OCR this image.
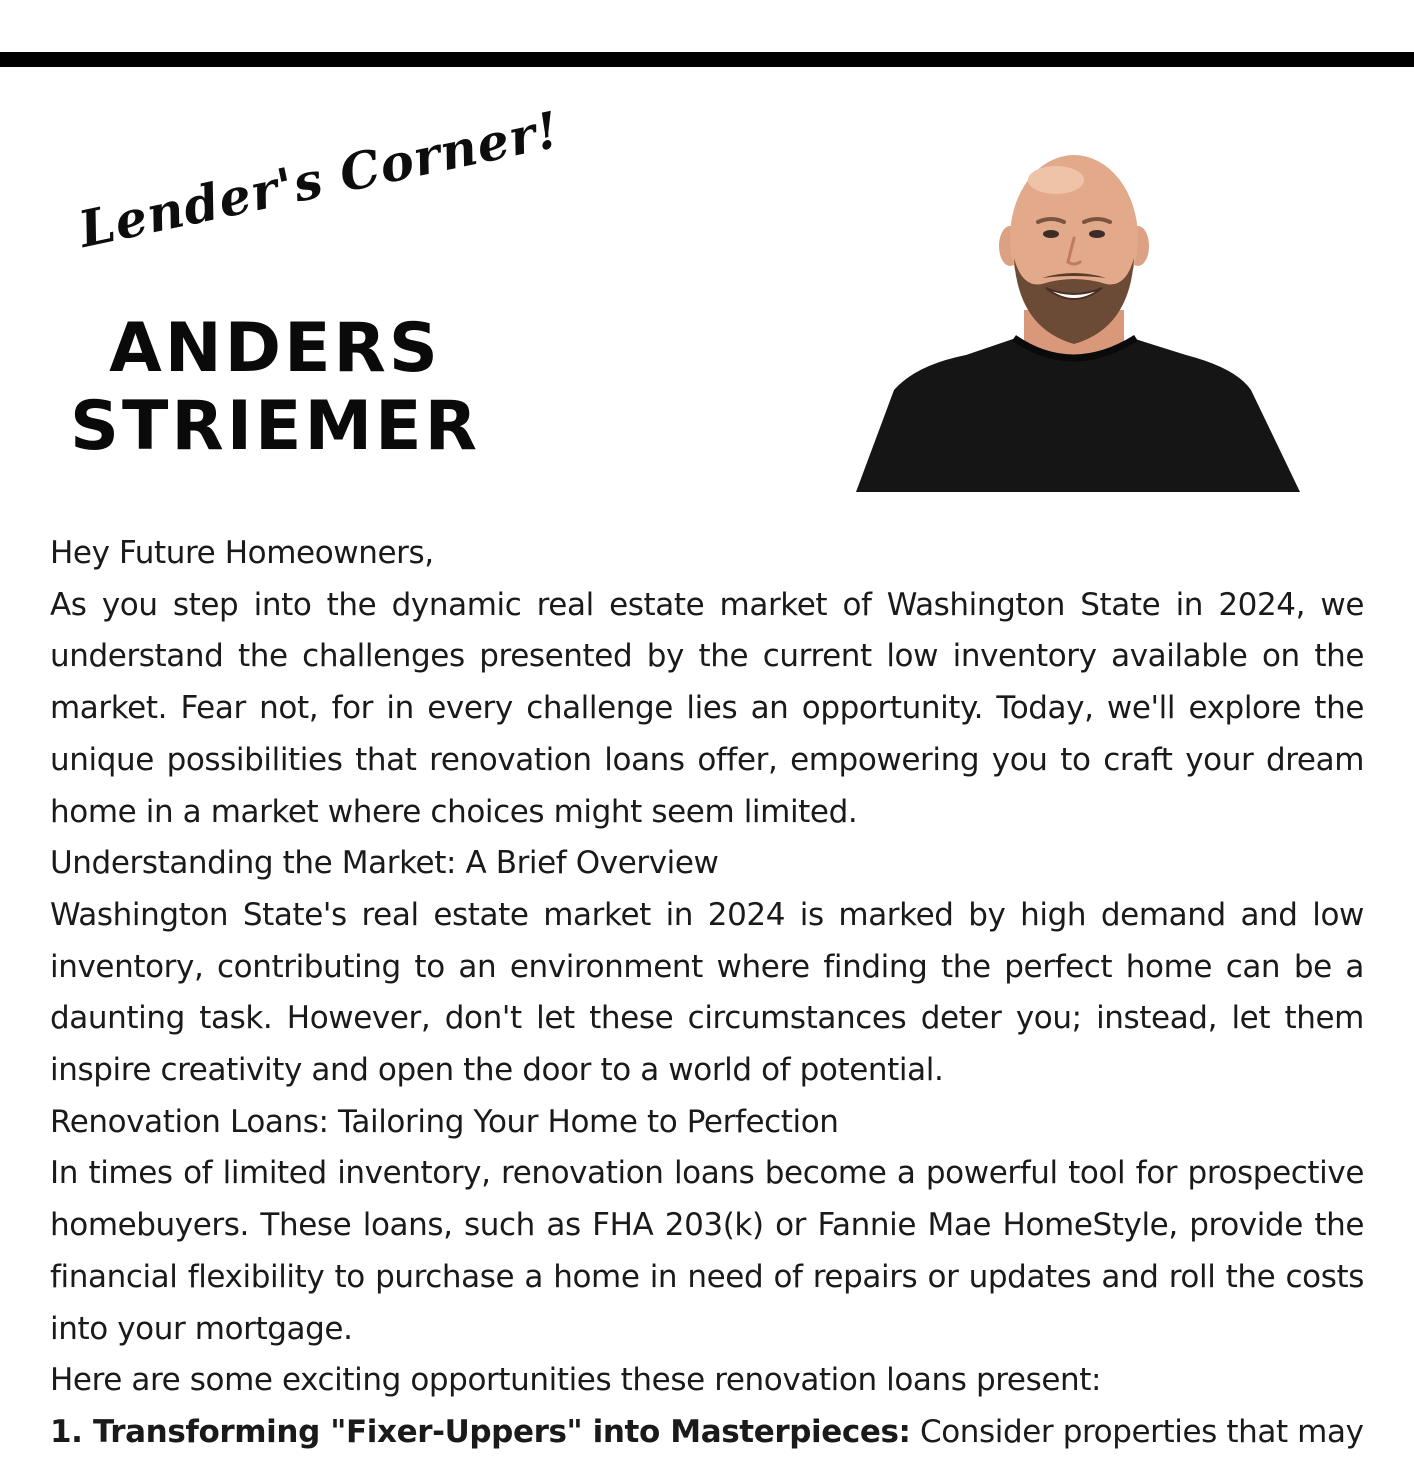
Lender's Corner!
ANDERS
STRIEMER

Hey Future Homeowners,

As you step into the dynamic real estate market of Washington State in 2024, we understand the challenges presented by the current low inventory available on the market. Fear not, for in every challenge lies an opportunity. Today, we'll explore the unique possibilities that renovation loans offer, empowering you to craft your dream home in a market where choices might seem limited.

Understanding the Market: A Brief Overview

Washington State's real estate market in 2024 is marked by high demand and low inventory, contributing to an environment where finding the perfect home can be a daunting task. However, don't let these circumstances deter you; instead, let them inspire creativity and open the door to a world of potential.

Renovation Loans: Tailoring Your Home to Perfection

In times of limited inventory, renovation loans become a powerful tool for prospective homebuyers. These loans, such as FHA 203(k) or Fannie Mae HomeStyle, provide the financial flexibility to purchase a home in need of repairs or updates and roll the costs into your mortgage.

Here are some exciting opportunities these renovation loans present:

1. Transforming "Fixer-Uppers" into Masterpieces: Consider properties that may
